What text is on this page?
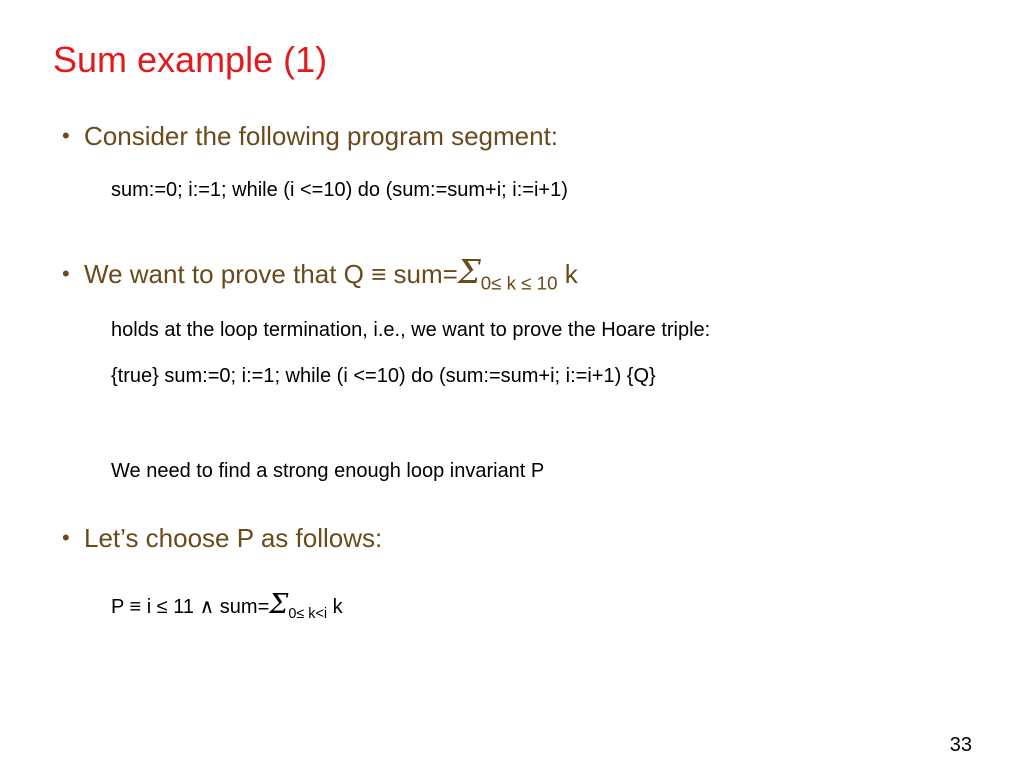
Sum example (1)
• Consider the following program segment:
sum:=0; i:=1; while (i <=10) do (sum:=sum+i; i:=i+1)
• We want to prove that $Q \equiv sum=\Sigma_{0\le k \le 10}$ k
holds at the loop termination, i.e., we want to prove the Hoare triple:
{true} sum:=0; i:=1; while (i <=10) do (sum:=sum+i; i:=i+1) {Q}
We need to find a strong enough loop invariant P
• Let’s choose P as follows:
P ≡ i ≤ 11 ∧ $sum=\Sigma_{0\le k<i}$ k
33
